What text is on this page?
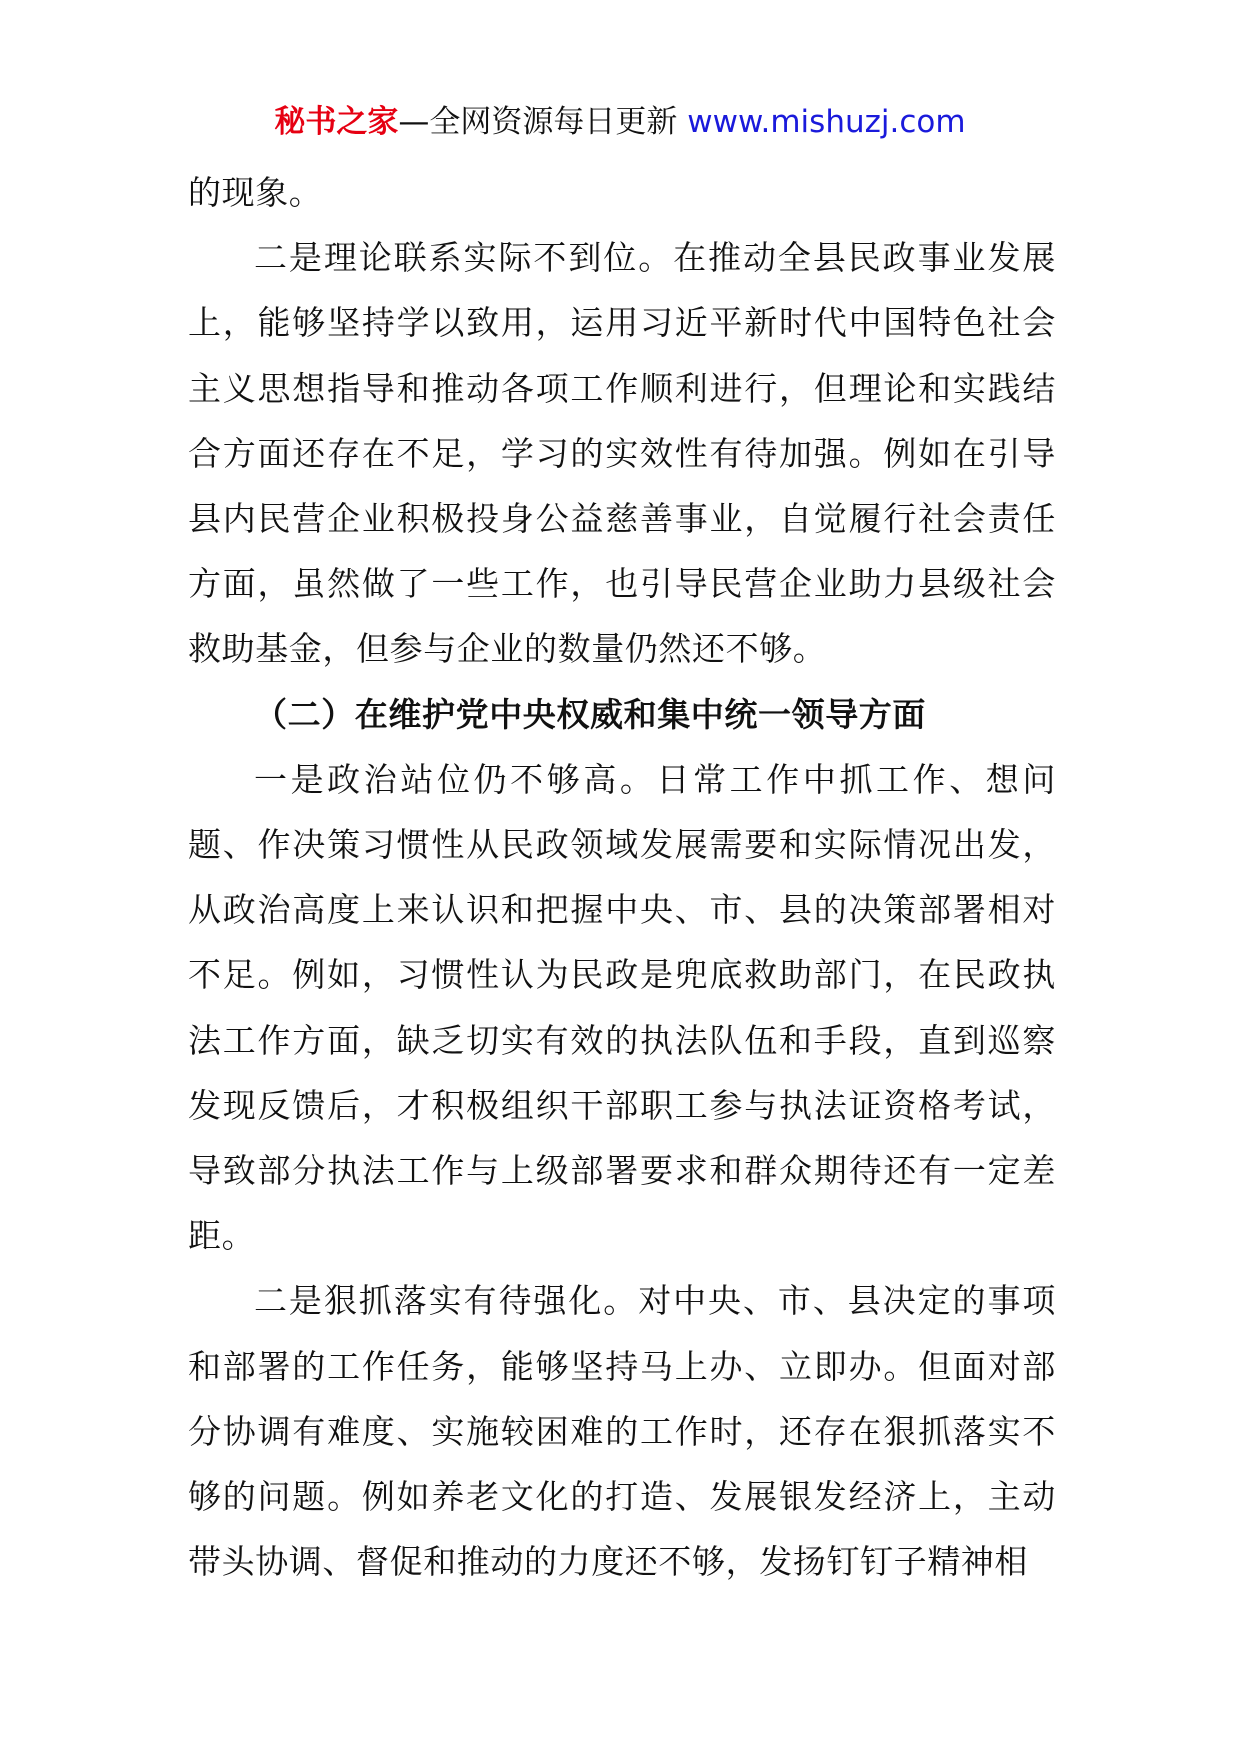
秘书之家—全网资源每日更新 www.mishuzj.com

的现象。

二是理论联系实际不到位。在推动全县民政事业发展上，能够坚持学以致用，运用习近平新时代中国特色社会主义思想指导和推动各项工作顺利进行，但理论和实践结合方面还存在不足，学习的实效性有待加强。例如在引导县内民营企业积极投身公益慈善事业，自觉履行社会责任方面，虽然做了一些工作，也引导民营企业助力县级社会救助基金，但参与企业的数量仍然还不够。

（二）在维护党中央权威和集中统一领导方面

一是政治站位仍不够高。日常工作中抓工作、想问题、作决策习惯性从民政领域发展需要和实际情况出发，从政治高度上来认识和把握中央、市、县的决策部署相对不足。例如，习惯性认为民政是兜底救助部门，在民政执法工作方面，缺乏切实有效的执法队伍和手段，直到巡察发现反馈后，才积极组织干部职工参与执法证资格考试，导致部分执法工作与上级部署要求和群众期待还有一定差距。

二是狠抓落实有待强化。对中央、市、县决定的事项和部署的工作任务，能够坚持马上办、立即办。但面对部分协调有难度、实施较困难的工作时，还存在狠抓落实不够的问题。例如养老文化的打造、发展银发经济上，主动带头协调、督促和推动的力度还不够，发扬钉钉子精神相
